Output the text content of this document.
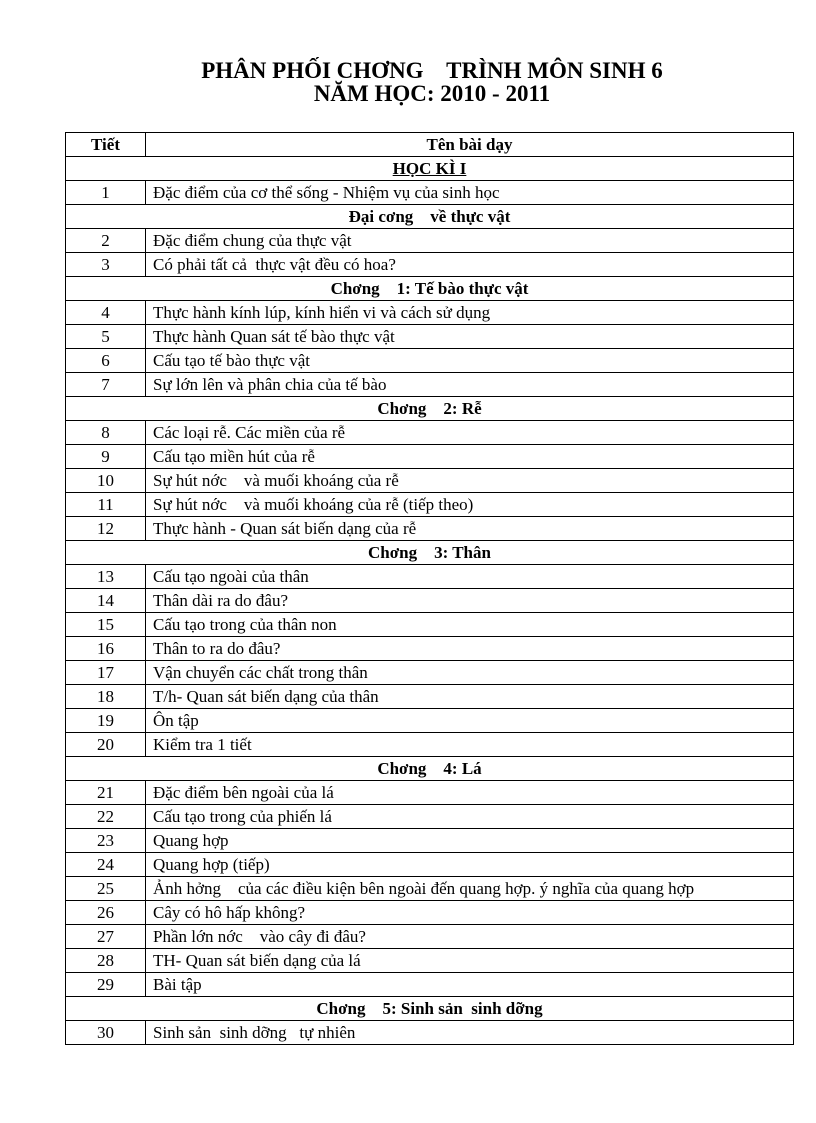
PHÂN PHỐI CHƠNG    TRÌNH MÔN SINH 6
NĂM HỌC: 2010 - 2011
Tiết	Tên bài dạy
HỌC KÌ I	
1	Đặc điểm của cơ thể sống - Nhiệm vụ của sinh học
Đại cơng    về thực vật	
2	Đặc điểm chung của thực vật
3	Có phải tất cả  thực vật đều có hoa?
Chơng    1: Tế bào thực vật	
4	Thực hành kính lúp, kính hiển vi và cách sử dụng
5	Thực hành Quan sát tế bào thực vật
6	Cấu tạo tế bào thực vật
7	Sự lớn lên và phân chia của tế bào
Chơng    2: Rễ	
8	Các loại rễ. Các miền của rễ
9	Cấu tạo miền hút của rễ
10	Sự hút nớc    và muối khoáng của rễ
11	Sự hút nớc    và muối khoáng của rễ (tiếp theo)
12	Thực hành - Quan sát biến dạng của rễ
Chơng    3: Thân	
13	Cấu tạo ngoài của thân
14	Thân dài ra do đâu?
15	Cấu tạo trong của thân non
16	Thân to ra do đâu?
17	Vận chuyển các chất trong thân
18	T/h- Quan sát biến dạng của thân
19	Ôn tập
20	Kiểm tra 1 tiết
Chơng    4: Lá	
21	Đặc điểm bên ngoài của lá
22	Cấu tạo trong của phiến lá
23	Quang hợp
24	Quang hợp (tiếp)
25	Ảnh hởng    của các điều kiện bên ngoài đến quang hợp. ý nghĩa của quang hợp
26	Cây có hô hấp không?
27	Phần lớn nớc    vào cây đi đâu?
28	TH- Quan sát biến dạng của lá
29	Bài tập
Chơng    5: Sinh sản  sinh dỡng	
30	Sinh sản  sinh dỡng   tự nhiên
